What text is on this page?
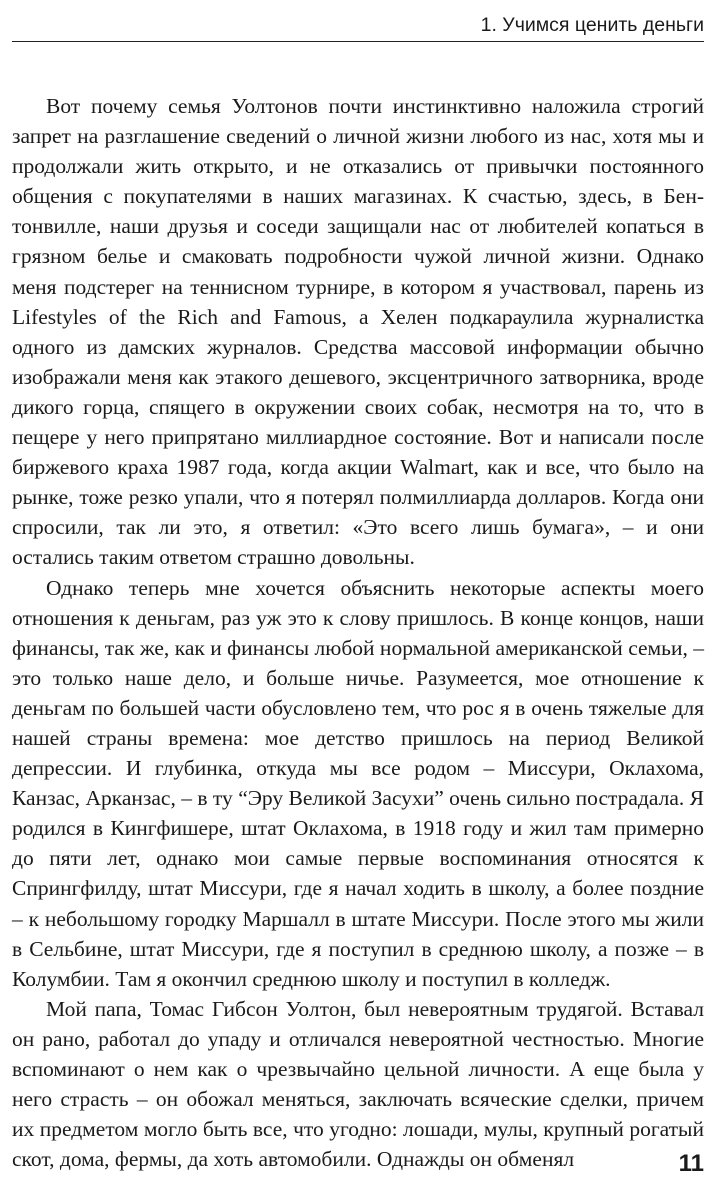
1. Учимся ценить деньги

Вот почему семья Уолтонов почти инстинктивно наложила строгий запрет на разглашение сведений о личной жизни любого из нас, хотя мы и продолжали жить открыто, и не отказались от привычки постоянного общения с покупателями в наших магазинах. К счастью, здесь, в Бентонвилле, наши друзья и соседи защищали нас от любителей копаться в грязном белье и смаковать подробности чужой личной жизни. Однако меня подстерег на теннисном турнире, в котором я участвовал, парень из Lifestyles of the Rich and Famous, а Хелен подкараулила журналистка одного из дамских журналов. Средства массовой информации обычно изображали меня как этакого дешевого, эксцентричного затворника, вроде дикого горца, спящего в окружении своих собак, несмотря на то, что в пещере у него припрятано миллиардное состояние. Вот и написали после биржевого краха 1987 года, когда акции Walmart, как и все, что было на рынке, тоже резко упали, что я потерял полмиллиарда долларов. Когда они спросили, так ли это, я ответил: «Это всего лишь бумага», – и они остались таким ответом страшно довольны.

Однако теперь мне хочется объяснить некоторые аспекты моего отношения к деньгам, раз уж это к слову пришлось. В конце концов, наши финансы, так же, как и финансы любой нормальной американской семьи, – это только наше дело, и больше ничье. Разумеется, мое отношение к деньгам по большей части обусловлено тем, что рос я в очень тяжелые для нашей страны времена: мое детство пришлось на период Великой депрессии. И глубинка, откуда мы все родом – Миссури, Оклахома, Канзас, Арканзас, – в ту “Эру Великой Засухи” очень сильно пострадала. Я родился в Кингфишере, штат Оклахома, в 1918 году и жил там примерно до пяти лет, однако мои самые первые воспоминания относятся к Спрингфилду, штат Миссури, где я начал ходить в школу, а более поздние – к небольшому городку Маршалл в штате Миссури. После этого мы жили в Сельбине, штат Миссури, где я поступил в среднюю школу, а позже – в Колумбии. Там я окончил среднюю школу и поступил в колледж.

Мой папа, Томас Гибсон Уолтон, был невероятным трудягой. Вставал он рано, работал до упаду и отличался невероятной честностью. Многие вспоминают о нем как о чрезвычайно цельной личности. А еще была у него страсть – он обожал меняться, заключать всяческие сделки, причем их предметом могло быть все, что угодно: лошади, мулы, крупный рогатый скот, дома, фермы, да хоть автомобили. Однажды он обменял	11
